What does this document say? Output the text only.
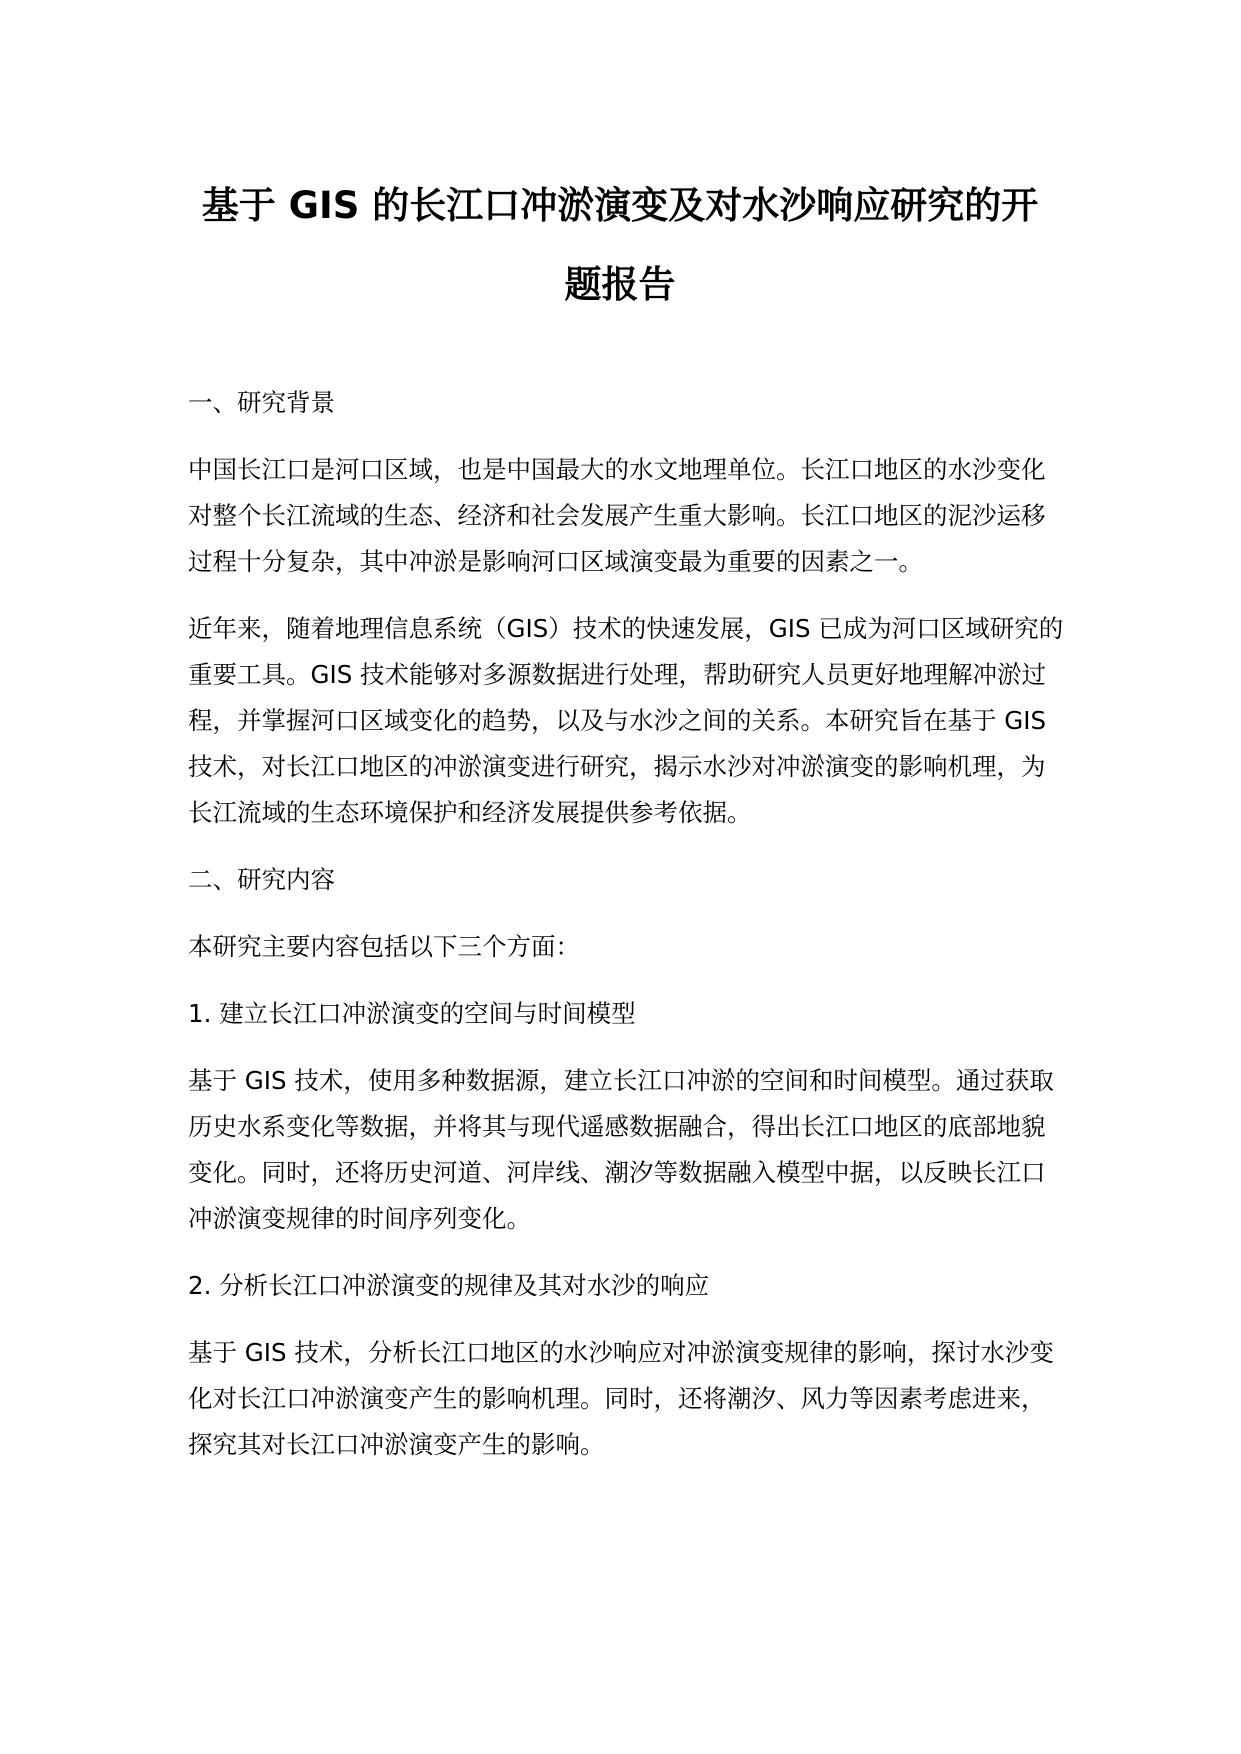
基于 GIS 的长江口冲淤演变及对水沙响应研究的开
题报告

一、研究背景

中国长江口是河口区域，也是中国最大的水文地理单位。长江口地区的水沙变化对整个长江流域的生态、经济和社会发展产生重大影响。长江口地区的泥沙运移过程十分复杂，其中冲淤是影响河口区域演变最为重要的因素之一。

近年来，随着地理信息系统（GIS）技术的快速发展，GIS 已成为河口区域研究的重要工具。GIS 技术能够对多源数据进行处理，帮助研究人员更好地理解冲淤过程，并掌握河口区域变化的趋势，以及与水沙之间的关系。本研究旨在基于 GIS 技术，对长江口地区的冲淤演变进行研究，揭示水沙对冲淤演变的影响机理，为长江流域的生态环境保护和经济发展提供参考依据。

二、研究内容

本研究主要内容包括以下三个方面：

1. 建立长江口冲淤演变的空间与时间模型

基于 GIS 技术，使用多种数据源，建立长江口冲淤的空间和时间模型。通过获取历史水系变化等数据，并将其与现代遥感数据融合，得出长江口地区的底部地貌变化。同时，还将历史河道、河岸线、潮汐等数据融入模型中据，以反映长江口冲淤演变规律的时间序列变化。

2. 分析长江口冲淤演变的规律及其对水沙的响应

基于 GIS 技术，分析长江口地区的水沙响应对冲淤演变规律的影响，探讨水沙变化对长江口冲淤演变产生的影响机理。同时，还将潮汐、风力等因素考虑进来，探究其对长江口冲淤演变产生的影响。
